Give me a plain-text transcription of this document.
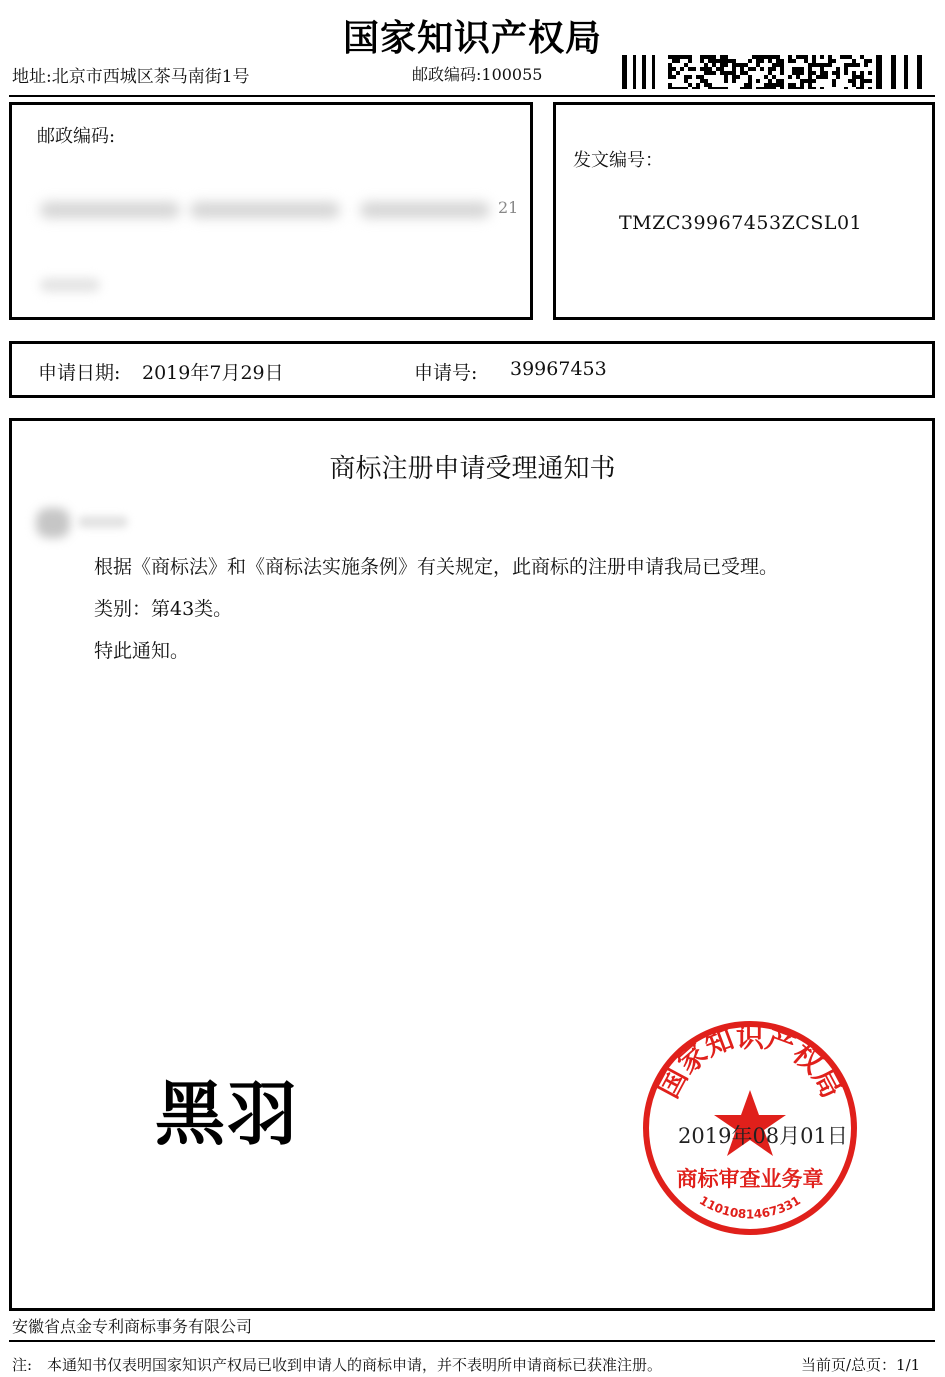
国家知识产权局
地址:北京市西城区茶马南街1号	邮政编码:100055
邮政编码:
21
发文编号：
TMZC39967453ZCSL01
申请日期: 2019年7月29日	申请号: 39967453
商标注册申请受理通知书
根据《商标法》和《商标法实施条例》有关规定，此商标的注册申请我局已受理。
类别：第43类。
特此通知。
黑羽	国家知识产权局
商标审查业务章
1101081467331
2019年08月01日
安徽省点金专利商标事务有限公司
注: 本通知书仅表明国家知识产权局已收到申请人的商标申请，并不表明所申请商标已获准注册。	当前页/总页：1/1
